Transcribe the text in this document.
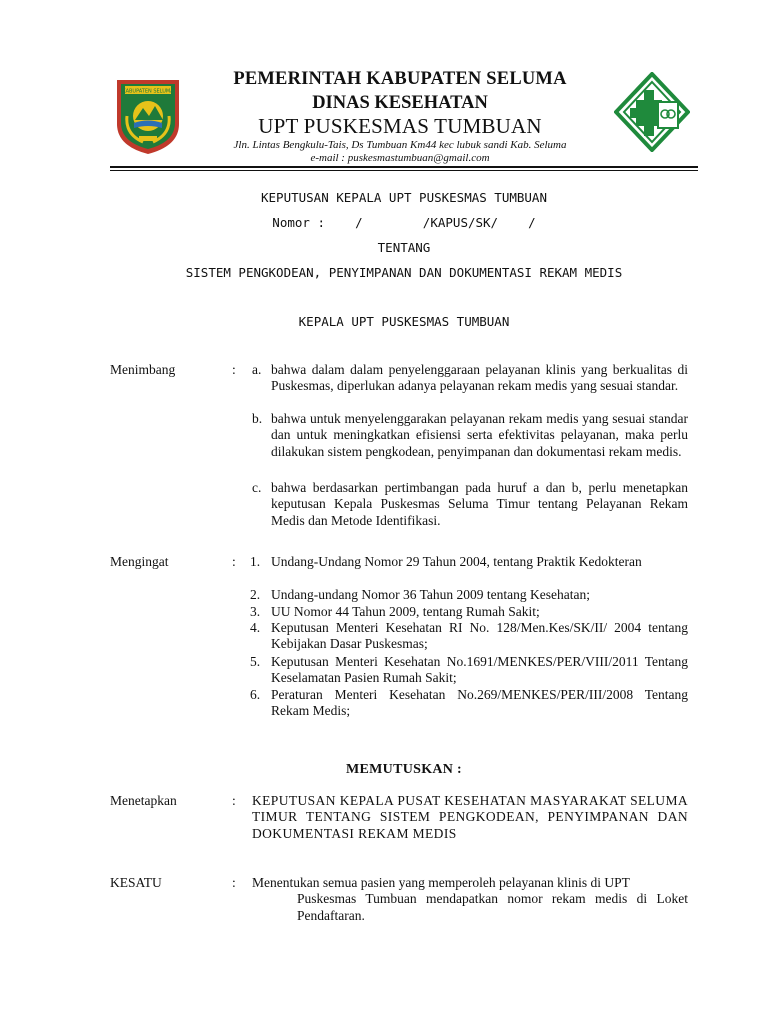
KABUPATEN SELUMA
PEMERINTAH KABUPATEN SELUMA
DINAS KESEHATAN
UPT PUSKESMAS TUMBUAN
Jln. Lintas Bengkulu-Tais, Ds Tumbuan Km44 kec lubuk sandi Kab. Seluma
e-mail : puskesmastumbuan@gmail.com
KEPUTUSAN KEPALA UPT PUSKESMAS TUMBUAN
Nomor :    /        /KAPUS/SK/    /
TENTANG
SISTEM PENGKODEAN, PENYIMPANAN DAN DOKUMENTASI REKAM MEDIS
KEPALA UPT PUSKESMAS TUMBUAN
Menimbang	: a. bahwa dalam dalam penyelenggaraan pelayanan klinis yang berkualitas di Puskesmas, diperlukan adanya pelayanan rekam medis yang sesuai standar.
b. bahwa untuk menyelenggarakan pelayanan rekam medis yang sesuai standar dan untuk meningkatkan efisiensi serta efektivitas pelayanan, maka perlu dilakukan sistem pengkodean, penyimpanan dan dokumentasi rekam medis.
c. bahwa berdasarkan pertimbangan pada huruf a dan b, perlu menetapkan keputusan Kepala Puskesmas Seluma Timur tentang Pelayanan Rekam Medis dan Metode Identifikasi.
Mengingat	: 1. Undang-Undang Nomor 29 Tahun 2004, tentang Praktik Kedokteran
2. Undang-undang Nomor 36 Tahun 2009 tentang Kesehatan;
3. UU Nomor 44 Tahun 2009, tentang Rumah Sakit;
4. Keputusan Menteri Kesehatan RI No. 128/Men.Kes/SK/II/ 2004 tentang Kebijakan Dasar Puskesmas;
5. Keputusan Menteri Kesehatan No.1691/MENKES/PER/VIII/2011 Tentang Keselamatan Pasien Rumah Sakit;
6. Peraturan Menteri Kesehatan No.269/MENKES/PER/III/2008 Tentang Rekam Medis;
MEMUTUSKAN :
Menetapkan	: KEPUTUSAN KEPALA PUSAT KESEHATAN MASYARAKAT SELUMA TIMUR TENTANG SISTEM PENGKODEAN, PENYIMPANAN DAN DOKUMENTASI REKAM MEDIS
KESATU	: Menentukan semua pasien yang memperoleh pelayanan klinis di UPT
Puskesmas Tumbuan mendapatkan nomor rekam medis di Loket Pendaftaran.
